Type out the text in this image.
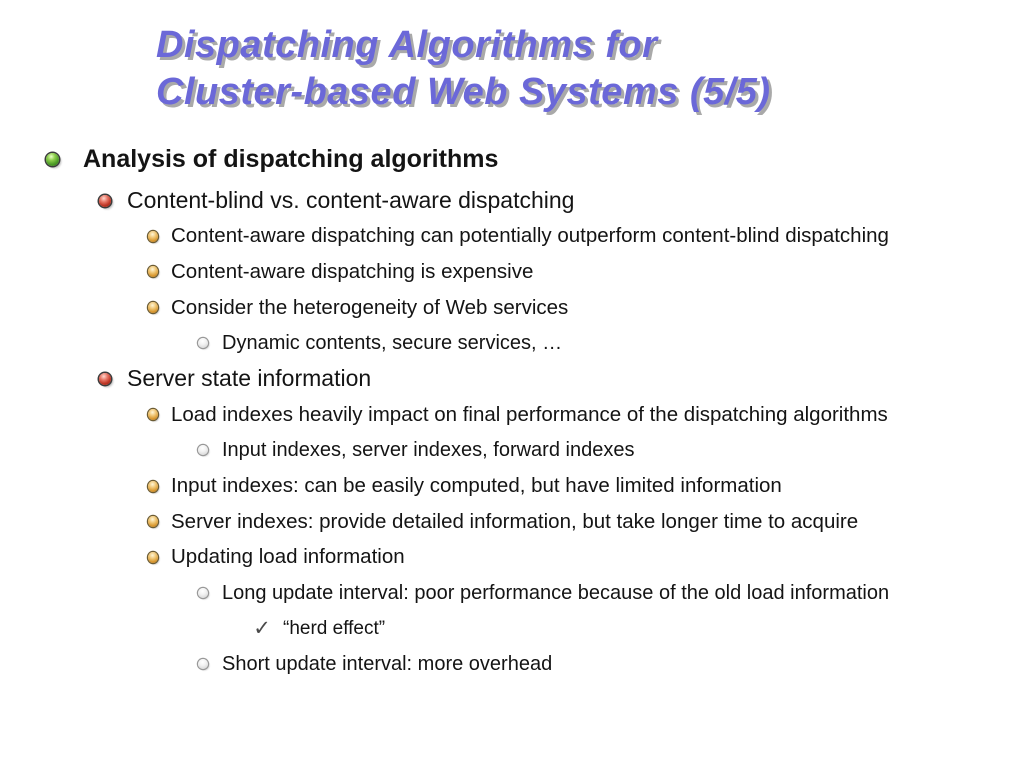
Dispatching Algorithms for
Cluster-based Web Systems (5/5)
Analysis of dispatching algorithms
Content-blind vs. content-aware dispatching
Content-aware dispatching can potentially outperform content-blind dispatching
Content-aware dispatching is expensive
Consider the heterogeneity of Web services
Dynamic contents, secure services, …
Server state information
Load indexes heavily impact on final performance of the dispatching algorithms
Input indexes, server indexes, forward indexes
Input indexes: can be easily computed, but have limited information
Server indexes: provide detailed information, but take longer time to acquire
Updating load information
Long update interval: poor performance because of the old load information
✓ “herd effect”
Short update interval: more overhead
